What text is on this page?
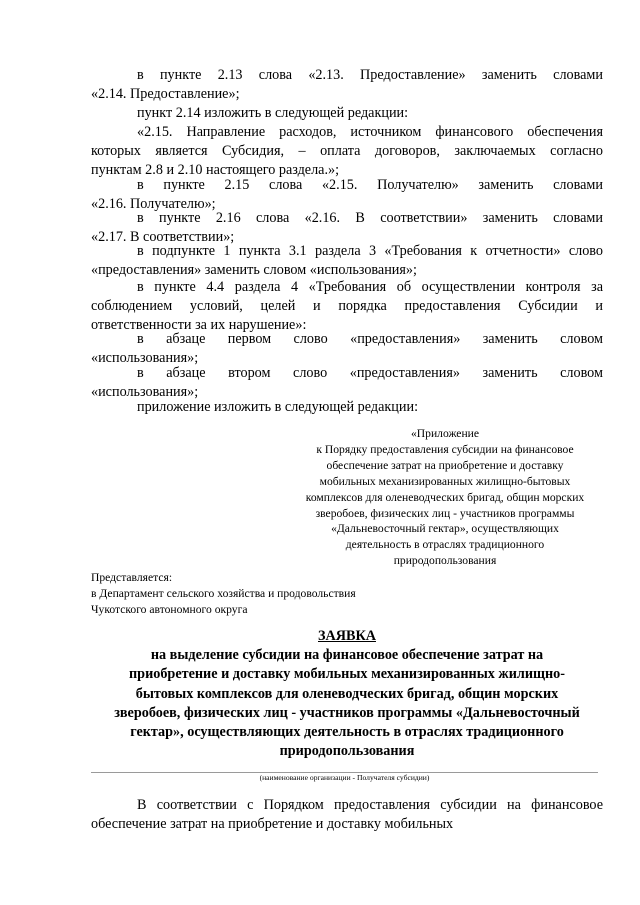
в пункте 2.13 слова «2.13. Предоставление» заменить словами
«2.14. Предоставление»;
пункт 2.14 изложить в следующей редакции:
«2.15. Направление расходов, источником финансового обеспечения
которых является Субсидия, – оплата договоров, заключаемых согласно
пунктам 2.8 и 2.10 настоящего раздела.»;
в пункте 2.15 слова «2.15. Получателю» заменить словами
«2.16. Получателю»;
в пункте 2.16 слова «2.16. В соответствии» заменить словами
«2.17. В соответствии»;
в подпункте 1 пункта 3.1 раздела 3 «Требования к отчетности» слово
«предоставления» заменить словом «использования»;
в пункте 4.4 раздела 4 «Требования об осуществлении контроля за
соблюдением условий, целей и порядка предоставления Субсидии и
ответственности за их нарушение»:
в абзаце первом слово «предоставления» заменить словом
«использования»;
в абзаце втором слово «предоставления» заменить словом
«использования»;
приложение изложить в следующей редакции:
«Приложение
к Порядку предоставления субсидии на финансовое
обеспечение затрат на приобретение и доставку
мобильных механизированных жилищно-бытовых
комплексов для оленеводческих бригад, общин морских
зверобоев, физических лиц - участников программы
«Дальневосточный гектар», осуществляющих
деятельность в отраслях традиционного
природопользования
Представляется:
в Департамент сельского хозяйства и продовольствия
Чукотского автономного округа
ЗАЯВКА
на выделение субсидии на финансовое обеспечение затрат на
приобретение и доставку мобильных механизированных жилищно-
бытовых комплексов для оленеводческих бригад, общин морских
зверобоев, физических лиц - участников программы «Дальневосточный
гектар», осуществляющих деятельность в отраслях традиционного
природопользования
(наименование организации - Получателя субсидии)
В соответствии с Порядком предоставления субсидии на финансовое
обеспечение затрат на приобретение и доставку мобильных
